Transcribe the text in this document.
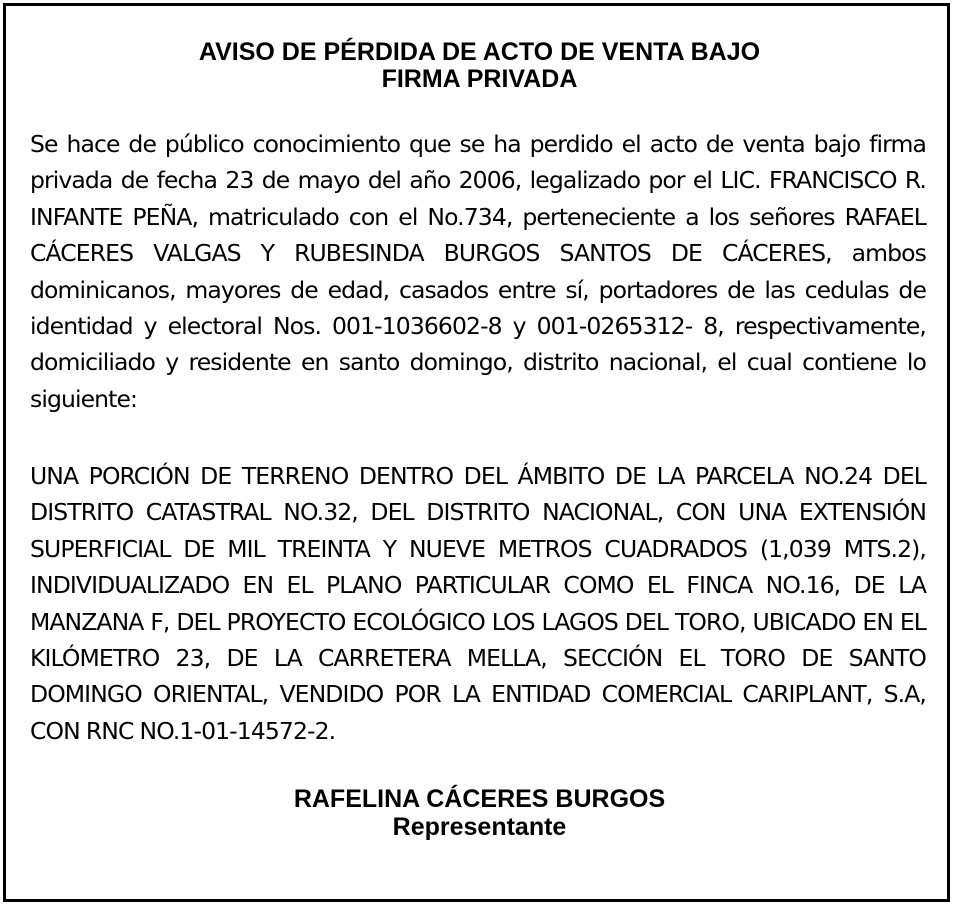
AVISO DE PÉRDIDA DE ACTO DE VENTA BAJO
FIRMA PRIVADA

Se hace de público conocimiento que se ha perdido el acto de venta bajo firma privada de fecha 23 de mayo del año 2006, legalizado por el LIC. FRANCISCO R. INFANTE PEÑA, matriculado con el No.734, perteneciente a los señores RAFAEL CÁCERES VALGAS Y RUBESINDA BURGOS SANTOS DE CÁCERES, ambos dominicanos, mayores de edad, casados entre sí, portadores de las cedulas de identidad y electoral Nos. 001-1036602-8 y 001-0265312- 8, respectivamente, domiciliado y residente en santo domingo, distrito nacional, el cual contiene lo siguiente:

UNA PORCIÓN DE TERRENO DENTRO DEL ÁMBITO DE LA PARCELA NO.24 DEL DISTRITO CATASTRAL NO.32, DEL DISTRITO NACIONAL, CON UNA EXTENSIÓN SUPERFICIAL DE MIL TREINTA Y NUEVE METROS CUADRADOS (1,039 MTS.2), INDIVIDUALIZADO EN EL PLANO PARTICULAR COMO EL FINCA NO.16, DE LA MANZANA F, DEL PROYECTO ECOLÓGICO LOS LAGOS DEL TORO, UBICADO EN EL KILÓMETRO 23, DE LA CARRETERA MELLA, SECCIÓN EL TORO DE SANTO DOMINGO ORIENTAL, VENDIDO POR LA ENTIDAD COMERCIAL CARIPLANT, S.A, CON RNC NO.1-01-14572-2.

RAFELINA CÁCERES BURGOS
Representante
